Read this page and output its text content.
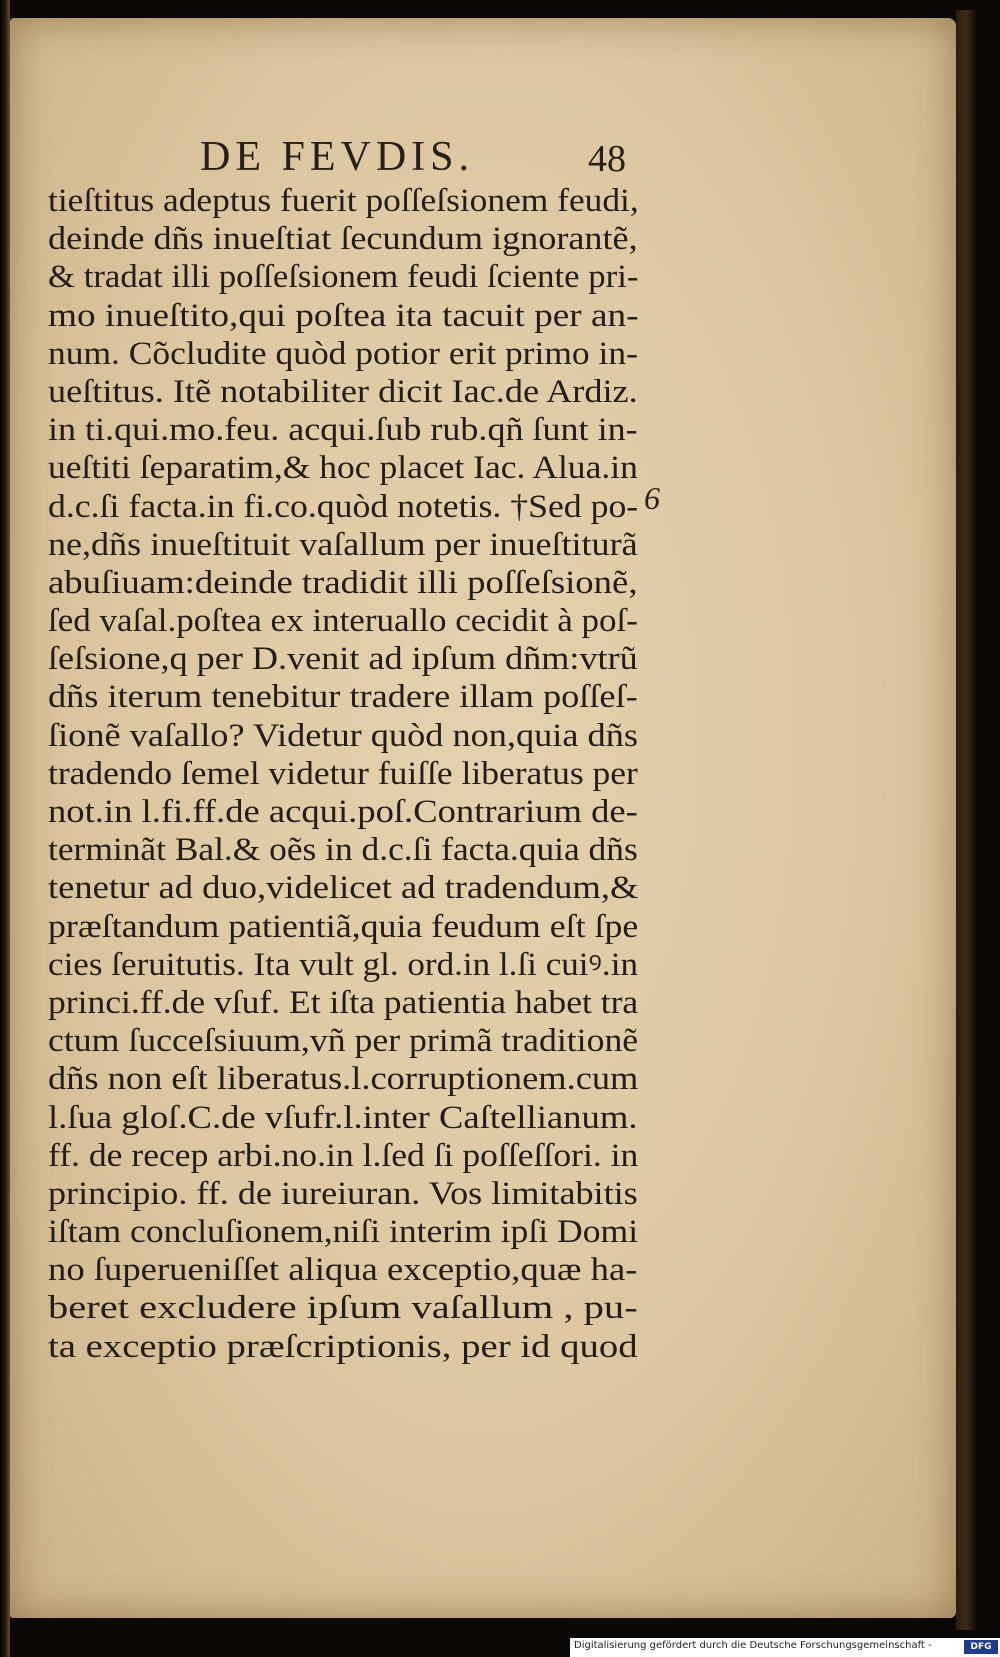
DE FEVDIS.	48
tieſtitus adeptus fuerit poſſeſsionem feudi,
deinde dñs inueſtiat ſecundum ignorantẽ,
& tradat illi poſſeſsionem feudi ſciente pri-
mo inueſtito,qui poſtea ita tacuit per an-
num. Cõcludite quòd potior erit primo in-
ueſtitus. Itẽ notabiliter dicit Iac.de Ardiz.
in ti.qui.mo.feu. acqui.ſub rub.qñ ſunt in-
ueſtiti ſeparatim,& hoc placet Iac. Alua.in
d.c.ſi facta.in fi.co.quòd notetis. †Sed po-
ne,dñs inueſtituit vaſallum per inueſtiturã
abuſiuam:deinde tradidit illi poſſeſsionẽ,
ſed vaſal.poſtea ex interuallo cecidit à poſ-
ſeſsione,q per D.venit ad ipſum dñm:vtrũ
dñs iterum tenebitur tradere illam poſſeſ-
ſionẽ vaſallo? Videtur quòd non,quia dñs
tradendo ſemel videtur fuiſſe liberatus per
not.in l.fi.ff.de acqui.poſ.Contrarium de-
terminãt Bal.& oẽs in d.c.ſi facta.quia dñs
tenetur ad duo,videlicet ad tradendum,&
præſtandum patientiã,quia feudum eſt ſpe
cies ſeruitutis. Ita vult gl. ord.in l.ſi cuiꝰ.in
princi.ff.de vſuf. Et iſta patientia habet tra
ctum ſucceſsiuum,vñ per primã traditionẽ
dñs non eſt liberatus.l.corruptionem.cum
l.ſua gloſ.C.de vſufr.l.inter Caſtellianum.
ff. de recep arbi.no.in l.ſed ſi poſſeſſori. in
principio. ff. de iureiuran. Vos limitabitis
iſtam concluſionem,niſi interim ipſi Domi
no ſuperueniſſet aliqua exceptio,quæ ha-
beret excludere ipſum vaſallum , pu-
ta exceptio præſcriptionis, per id quod
6
Digitalisierung gefördert durch die Deutsche Forschungsgemeinschaft -	DFG
